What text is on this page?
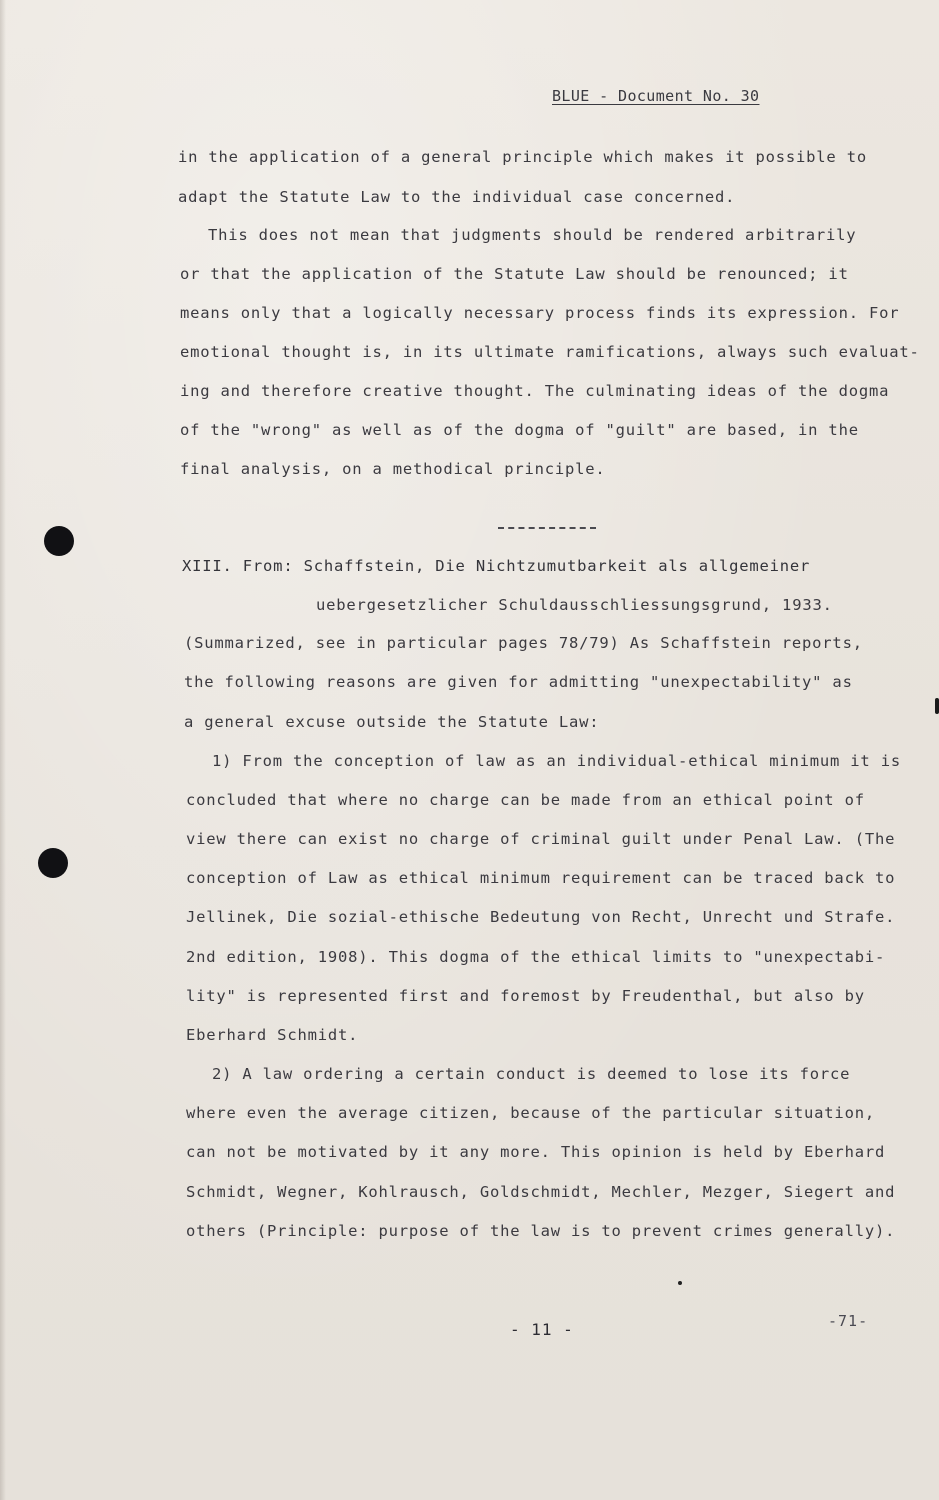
BLUE - Document No. 30
in the application of a general principle which makes it possible to
adapt the Statute Law to the individual case concerned.
This does not mean that judgments should be rendered arbitrarily
or that the application of the Statute Law should be renounced; it
means only that a logically necessary process finds its expression. For
emotional thought is, in its ultimate ramifications, always such evaluat-
ing and therefore creative thought. The culminating ideas of the dogma
of the "wrong" as well as of the dogma of "guilt" are based, in the
final analysis, on a methodical principle.
XIII. From: Schaffstein, Die Nichtzumutbarkeit als allgemeiner
uebergesetzlicher Schuldausschliessungsgrund, 1933.
(Summarized, see in particular pages 78/79) As Schaffstein reports,
the following reasons are given for admitting "unexpectability" as
a general excuse outside the Statute Law:
1) From the conception of law as an individual-ethical minimum it is
concluded that where no charge can be made from an ethical point of
view there can exist no charge of criminal guilt under Penal Law. (The
conception of Law as ethical minimum requirement can be traced back to
Jellinek, Die sozial-ethische Bedeutung von Recht, Unrecht und Strafe.
2nd edition, 1908). This dogma of the ethical limits to "unexpectabi-
lity" is represented first and foremost by Freudenthal, but also by
Eberhard Schmidt.
2) A law ordering a certain conduct is deemed to lose its force
where even the average citizen, because of the particular situation,
can not be motivated by it any more. This opinion is held by Eberhard
Schmidt, Wegner, Kohlrausch, Goldschmidt, Mechler, Mezger, Siegert and
others (Principle: purpose of the law is to prevent crimes generally).
- 11 -	-71-
